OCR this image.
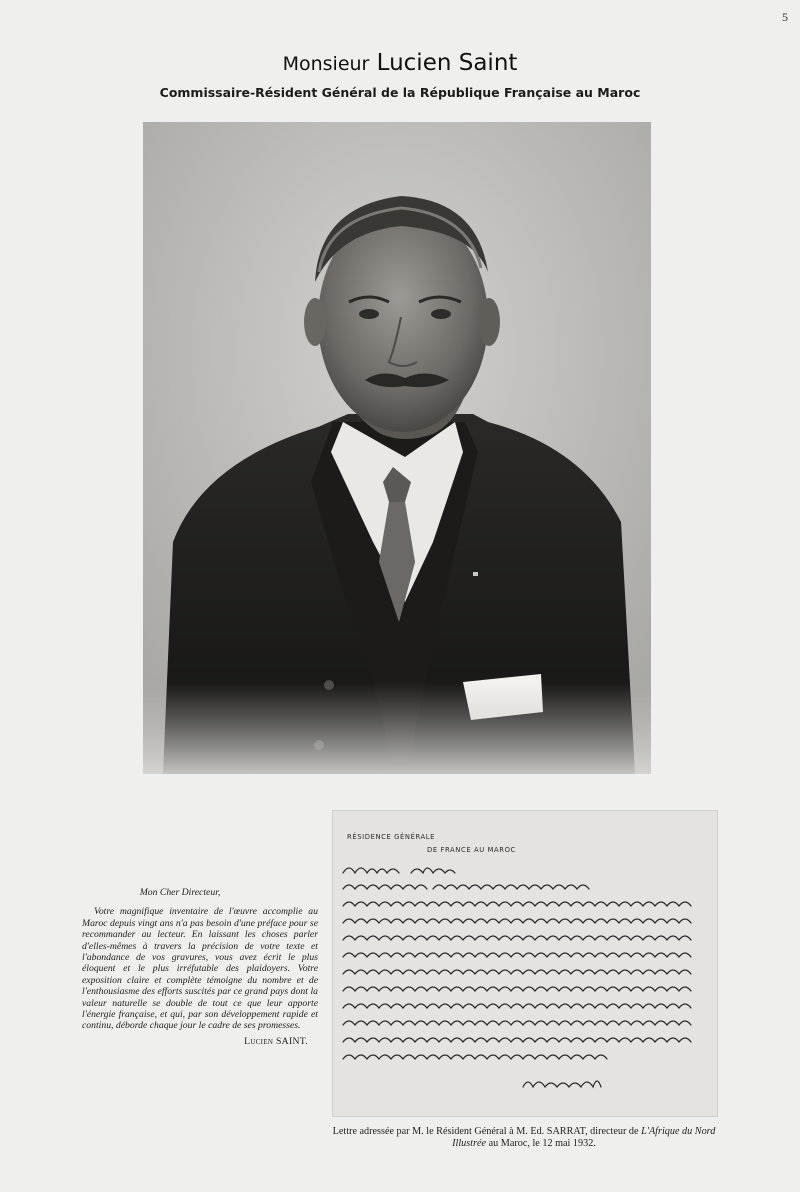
5
Monsieur Lucien Saint
Commissaire-Résident Général de la République Française au Maroc
Mon Cher Directeur,
Votre magnifique inventaire de l'œuvre accomplie au Maroc depuis vingt ans n'a pas besoin d'une préface pour se recommander au lecteur. En laissant les choses parler d'elles-mêmes à travers la précision de votre texte et l'abondance de vos gravures, vous avez écrit le plus éloquent et le plus irréfutable des plaidoyers. Votre exposition claire et complète témoigne du nombre et de l'enthousiasme des efforts suscités par ce grand pays dont la valeur naturelle se double de tout ce que leur apporte l'énergie française, et qui, par son développement rapide et continu, déborde chaque jour le cadre de ses promesses.
Lucien SAINT.
RÉSIDENCE GÉNÉRALE
DE FRANCE AU MAROC
Lettre adressée par M. le Résident Général à M. Ed. SARRAT, directeur de L'Afrique du Nord Illustrée au Maroc, le 12 mai 1932.
